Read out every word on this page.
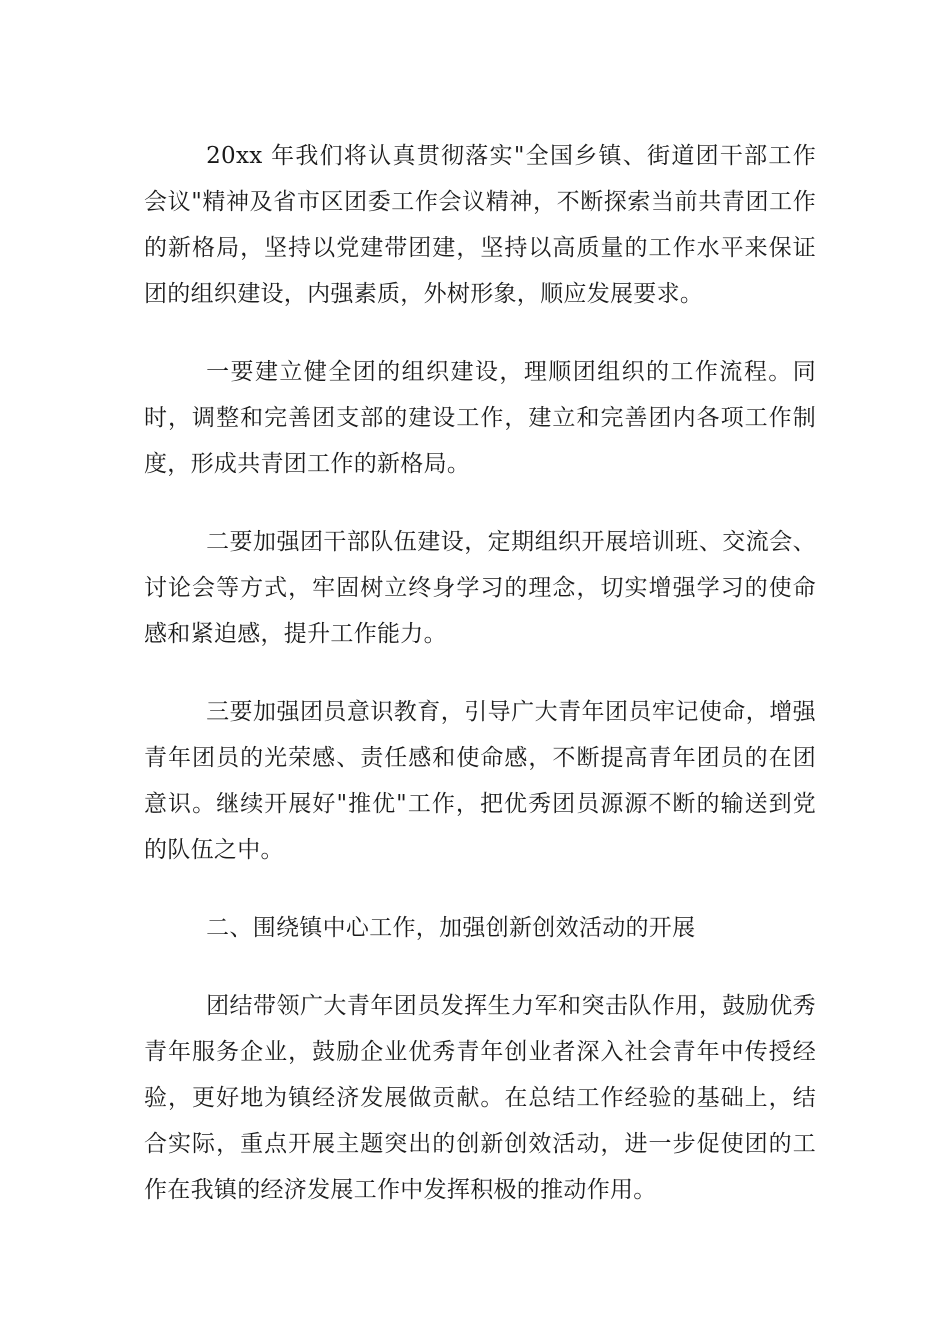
20xx 年我们将认真贯彻落实"全国乡镇、街道团干部工作会议"精神及省市区团委工作会议精神，不断探索当前共青团工作的新格局，坚持以党建带团建，坚持以高质量的工作水平来保证团的组织建设，内强素质，外树形象，顺应发展要求。

一要建立健全团的组织建设，理顺团组织的工作流程。同时，调整和完善团支部的建设工作，建立和完善团内各项工作制度，形成共青团工作的新格局。

二要加强团干部队伍建设，定期组织开展培训班、交流会、讨论会等方式，牢固树立终身学习的理念，切实增强学习的使命感和紧迫感，提升工作能力。

三要加强团员意识教育，引导广大青年团员牢记使命，增强青年团员的光荣感、责任感和使命感，不断提高青年团员的在团意识。继续开展好"推优"工作，把优秀团员源源不断的输送到党的队伍之中。

二、围绕镇中心工作，加强创新创效活动的开展

团结带领广大青年团员发挥生力军和突击队作用，鼓励优秀青年服务企业，鼓励企业优秀青年创业者深入社会青年中传授经验，更好地为镇经济发展做贡献。在总结工作经验的基础上，结合实际，重点开展主题突出的创新创效活动，进一步促使团的工作在我镇的经济发展工作中发挥积极的推动作用。
